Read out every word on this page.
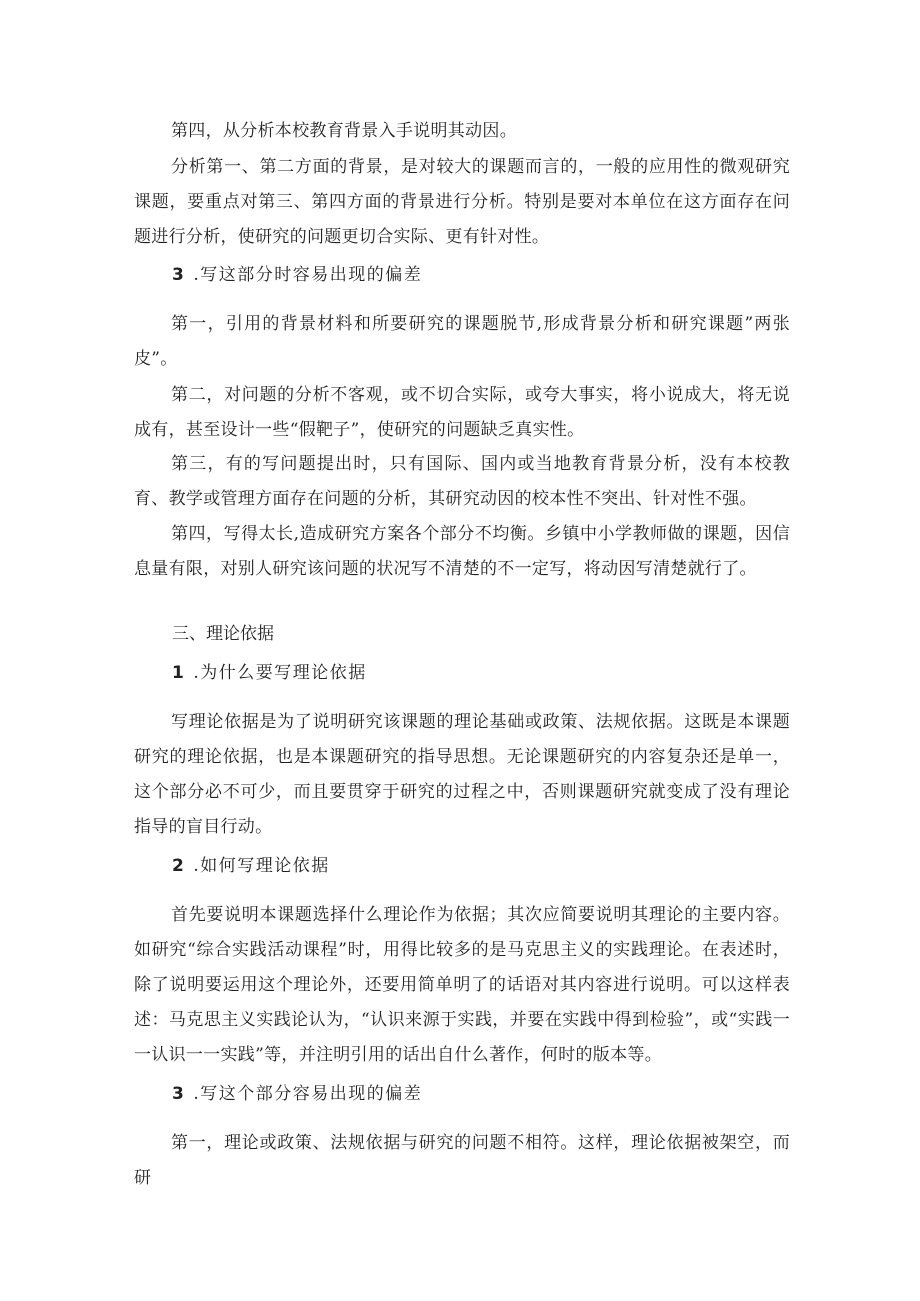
第四，从分析本校教育背景入手说明其动因。

分析第一、第二方面的背景，是对较大的课题而言的，一般的应用性的微观研究课题，要重点对第三、第四方面的背景进行分析。特别是要对本单位在这方面存在问题进行分析，使研究的问题更切合实际、更有针对性。

3 .写这部分时容易出现的偏差

第一，引用的背景材料和所要研究的课题脱节,形成背景分析和研究课题”两张皮”。

第二，对问题的分析不客观，或不切合实际，或夸大事实，将小说成大，将无说成有，甚至设计一些“假靶子”，使研究的问题缺乏真实性。

第三，有的写问题提出时，只有国际、国内或当地教育背景分析，没有本校教育、教学或管理方面存在问题的分析，其研究动因的校本性不突出、针对性不强。

第四，写得太长,造成研究方案各个部分不均衡。乡镇中小学教师做的课题，因信息量有限，对别人研究该问题的状况写不清楚的不一定写，将动因写清楚就行了。

三、理论依据

1 .为什么要写理论依据

写理论依据是为了说明研究该课题的理论基础或政策、法规依据。这既是本课题研究的理论依据，也是本课题研究的指导思想。无论课题研究的内容复杂还是单一，这个部分必不可少，而且要贯穿于研究的过程之中，否则课题研究就变成了没有理论指导的盲目行动。

2 .如何写理论依据

首先要说明本课题选择什么理论作为依据；其次应简要说明其理论的主要内容。如研究“综合实践活动课程”时，用得比较多的是马克思主义的实践理论。在表述时，除了说明要运用这个理论外，还要用简单明了的话语对其内容进行说明。可以这样表述：马克思主义实践论认为，“认识来源于实践，并要在实践中得到检验”，或“实践一一认识一一实践”等，并注明引用的话出自什么著作，何时的版本等。

3 .写这个部分容易出现的偏差

第一，理论或政策、法规依据与研究的问题不相符。这样，理论依据被架空，而研
